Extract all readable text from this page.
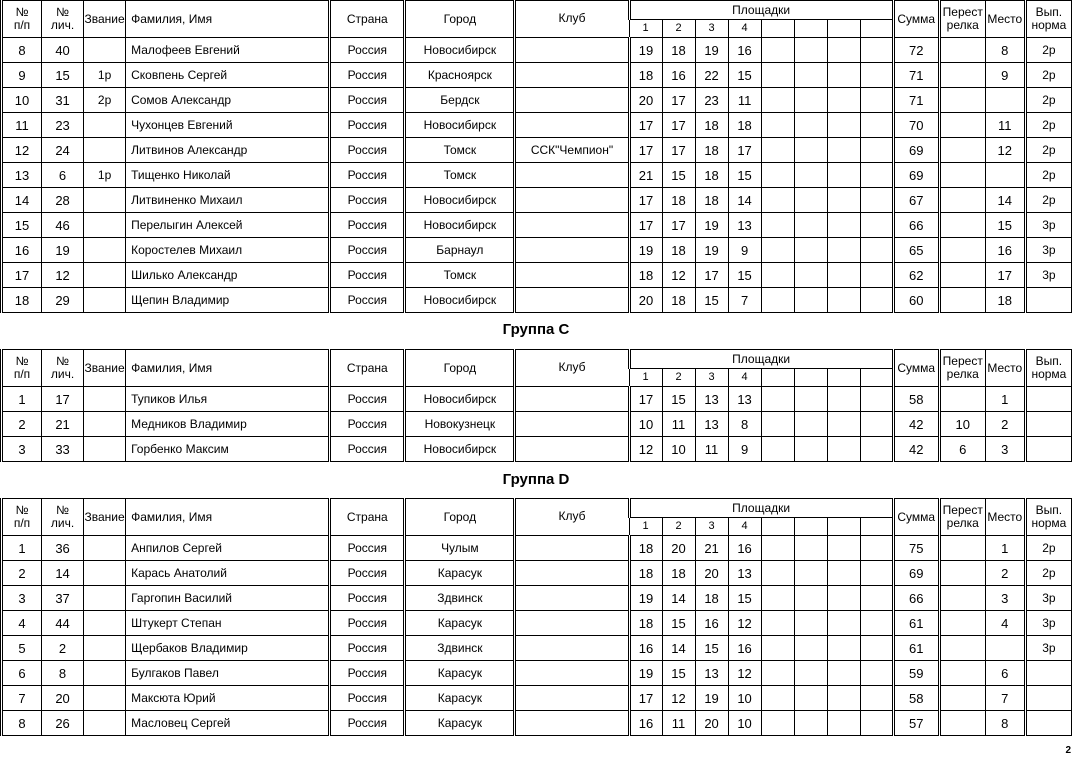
№
п/п	№
лич.	Звание	Фамилия, Имя	Страна	Город	Клуб	Площадки								Сумма	Перест
релка	Место	Вып.
норма
							1	2	3	4								
8	40		Малофеев Евгений	Россия	Новосибирск		19	18	19	16					72		8	2р
9	15	1р	Сковпень Сергей	Россия	Красноярск		18	16	22	15					71		9	2р
10	31	2р	Сомов Александр	Россия	Бердск		20	17	23	11					71			2р
11	23		Чухонцев Евгений	Россия	Новосибирск		17	17	18	18					70		11	2р
12	24		Литвинов Александр	Россия	Томск	ССК"Чемпион"	17	17	18	17					69		12	2р
13	6	1р	Тищенко Николай	Россия	Томск		21	15	18	15					69			2р
14	28		Литвиненко Михаил	Россия	Новосибирск		17	18	18	14					67		14	2р
15	46		Перелыгин Алексей	Россия	Новосибирск		17	17	19	13					66		15	3р
16	19		Коростелев Михаил	Россия	Барнаул		19	18	19	9					65		16	3р
17	12		Шилько Александр	Россия	Томск		18	12	17	15					62		17	3р
18	29		Щепин Владимир	Россия	Новосибирск		20	18	15	7					60		18	
Группа C
№
п/п	№
лич.	Звание	Фамилия, Имя	Страна	Город	Клуб	Площадки								Сумма	Перест
релка	Место	Вып.
норма
							1	2	3	4								
1	17		Тупиков Илья	Россия	Новосибирск		17	15	13	13					58		1	
2	21		Медников Владимир	Россия	Новокузнецк		10	11	13	8					42	10	2	
3	33		Горбенко Максим	Россия	Новосибирск		12	10	11	9					42	6	3	
Группа D
№
п/п	№
лич.	Звание	Фамилия, Имя	Страна	Город	Клуб	Площадки								Сумма	Перест
релка	Место	Вып.
норма
							1	2	3	4								
1	36		Анпилов Сергей	Россия	Чулым		18	20	21	16					75		1	2р
2	14		Карась Анатолий	Россия	Карасук		18	18	20	13					69		2	2р
3	37		Гаргопин Василий	Россия	Здвинск		19	14	18	15					66		3	3р
4	44		Штукерт Степан	Россия	Карасук		18	15	16	12					61		4	3р
5	2		Щербаков Владимир	Россия	Здвинск		16	14	15	16					61			3р
6	8		Булгаков Павел	Россия	Карасук		19	15	13	12					59		6	
7	20		Максюта Юрий	Россия	Карасук		17	12	19	10					58		7	
8	26		Масловец Сергей	Россия	Карасук		16	11	20	10					57		8	
2
